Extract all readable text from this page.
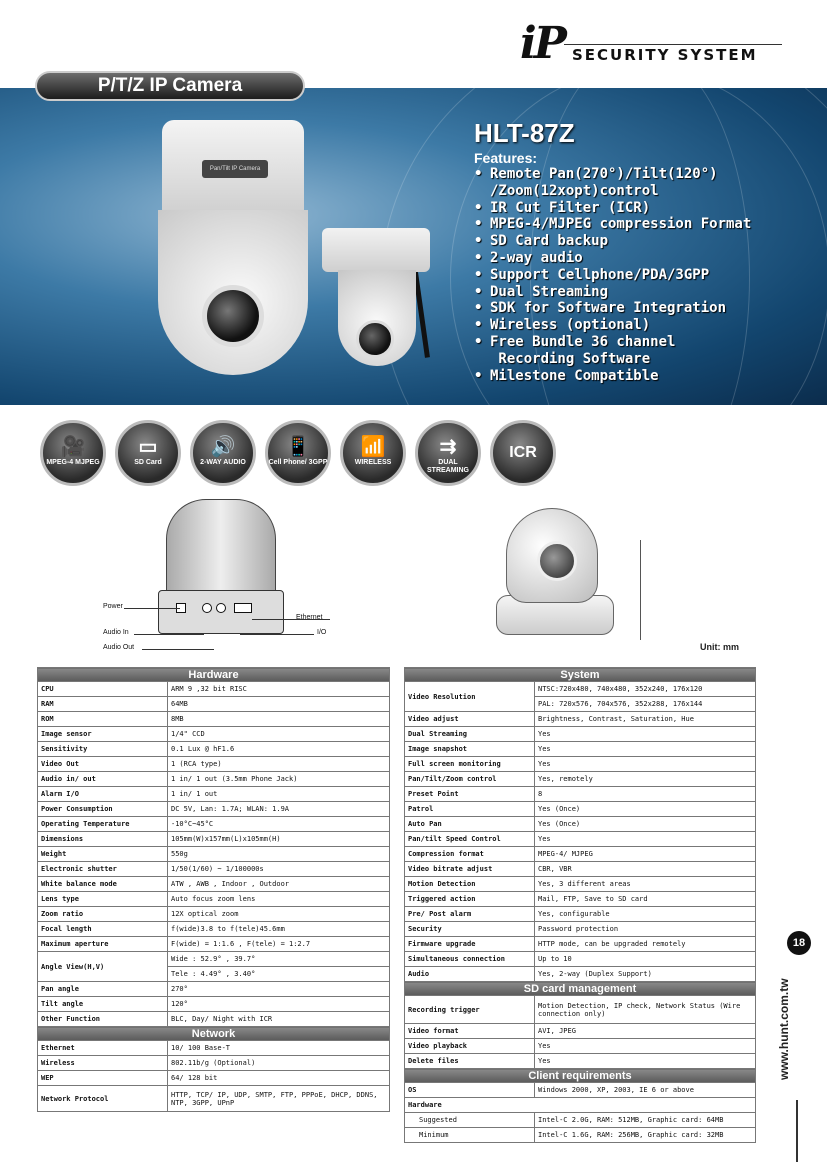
iP SECURITY SYSTEM
P/T/Z IP Camera
Pan/Tilt IP Camera
HLT-87Z
Features:
• Remote Pan(270°)/Tilt(120°)
/Zoom(12xopt)control
• IR Cut Filter (ICR)
• MPEG-4/MJPEG compression Format
• SD Card backup
• 2-way audio
• Support Cellphone/PDA/3GPP
• Dual Streaming
• SDK for Software Integration
• Wireless (optional)
• Free Bundle 36 channel
Recording Software
• Milestone Compatible
🎥
MPEG-4 MJPEG
▭
SD Card
🔊
2-WAY AUDIO
📱
Cell Phone/ 3GPP
📶
WIRELESS
⇉
DUAL STREAMING
ICR
Power
Audio In
Audio Out
Ethernet
I/O
Unit: mm
Hardware	
CPU	ARM 9 ,32 bit RISC
RAM	64MB
ROM	8MB
Image sensor	1/4" CCD
Sensitivity	0.1 Lux @ hF1.6
Video Out	1 (RCA type)
Audio in/ out	1 in/ 1 out (3.5mm Phone Jack)
Alarm I/O	1 in/ 1 out
Power Consumption	DC 5V, Lan: 1.7A; WLAN: 1.9A
Operating Temperature	-10°C~45°C
Dimensions	105mm(W)x157mm(L)x105mm(H)
Weight	550g
Electronic shutter	1/50(1/60) ~ 1/100000s
White balance mode	ATW , AWB , Indoor , Outdoor
Lens type	Auto focus zoom lens
Zoom ratio	12X optical zoom
Focal length	f(wide)3.8 to f(tele)45.6mm
Maximum aperture	F(wide) = 1:1.6 , F(tele) = 1:2.7
Angle View(H,V)	Wide : 52.9° , 39.7°
	Tele : 4.49° , 3.40°
Pan angle	270°
Tilt angle	120°
Other Function	BLC, Day/ Night with ICR
Network	
Ethernet	10/ 100 Base-T
Wireless	802.11b/g (Optional)
WEP	64/ 128 bit
Network Protocol	HTTP, TCP/ IP, UDP, SMTP, FTP, PPPoE, DHCP, DDNS, NTP, 3GPP, UPnP
System	
Video Resolution	NTSC:720x480, 740x480, 352x240, 176x120
	PAL: 720x576, 704x576, 352x288, 176x144
Video adjust	Brightness, Contrast, Saturation, Hue
Dual Streaming	Yes
Image snapshot	Yes
Full screen monitoring	Yes
Pan/Tilt/Zoom control	Yes, remotely
Preset Point	8
Patrol	Yes (Once)
Auto Pan	Yes (Once)
Pan/tilt Speed Control	Yes
Compression format	MPEG-4/ MJPEG
Video bitrate adjust	CBR, VBR
Motion Detection	Yes, 3 different areas
Triggered action	Mail, FTP, Save to SD card
Pre/ Post alarm	Yes, configurable
Security	Password protection
Firmware upgrade	HTTP mode, can be upgraded remotely
Simultaneous connection	Up to 10
Audio	Yes, 2-way (Duplex Support)
SD card management	
Recording trigger	Motion Detection, IP check, Network Status (Wire connection only)
Video format	AVI, JPEG
Video playback	Yes
Delete files	Yes
Client requirements	
OS	Windows 2000, XP, 2003, IE 6 or above
Hardware	
Suggested	Intel-C 2.0G, RAM: 512MB, Graphic card: 64MB
Minimum	Intel-C 1.6G, RAM: 256MB, Graphic card: 32MB
18
www.hunt.com.tw
